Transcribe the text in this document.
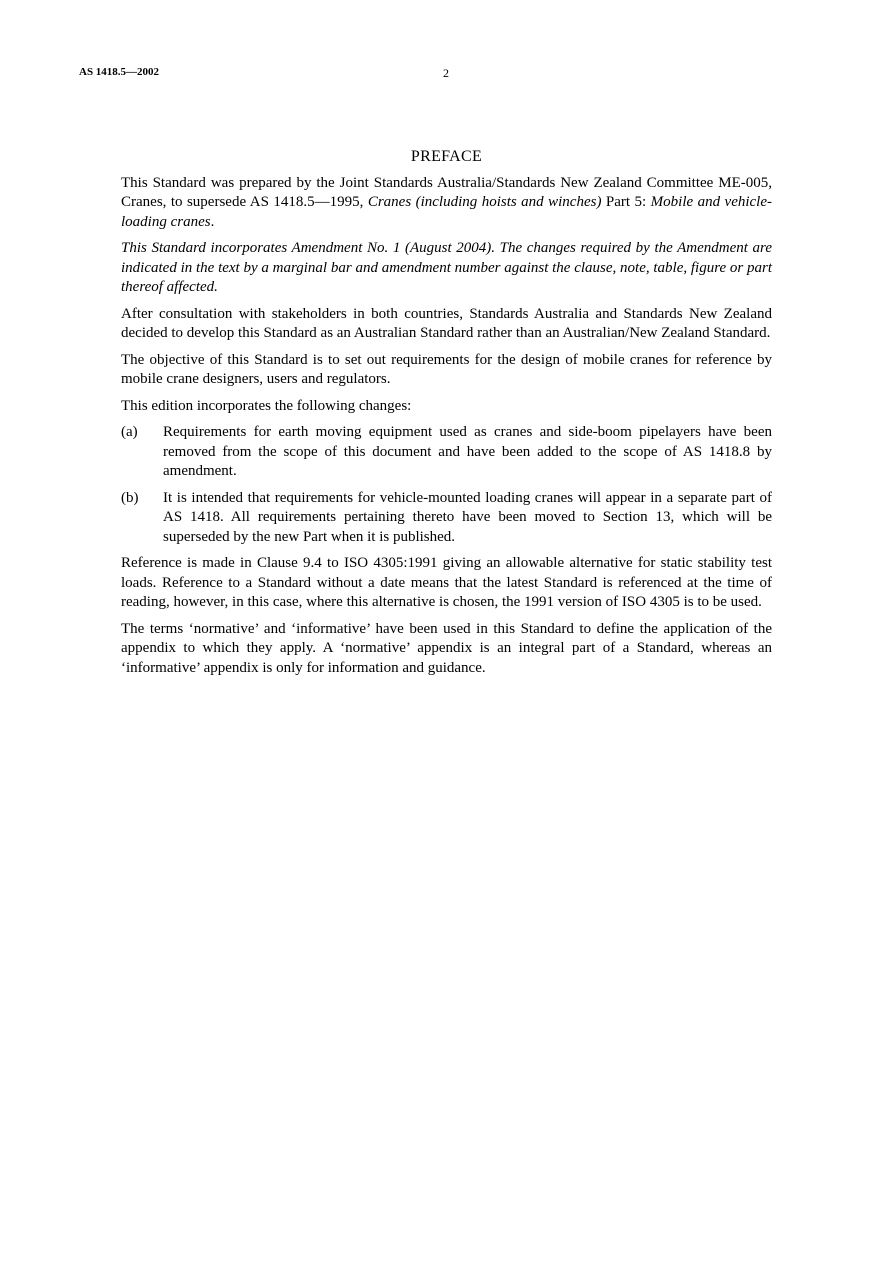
AS 1418.5—2002	2
PREFACE

This Standard was prepared by the Joint Standards Australia/Standards New Zealand Committee ME-005, Cranes, to supersede AS 1418.5—1995, Cranes (including hoists and winches) Part 5: Mobile and vehicle-loading cranes.

This Standard incorporates Amendment No. 1 (August 2004). The changes required by the Amendment are indicated in the text by a marginal bar and amendment number against the clause, note, table, figure or part thereof affected.

After consultation with stakeholders in both countries, Standards Australia and Standards New Zealand decided to develop this Standard as an Australian Standard rather than an Australian/New Zealand Standard.

The objective of this Standard is to set out requirements for the design of mobile cranes for reference by mobile crane designers, users and regulators.

This edition incorporates the following changes:

(a)	Requirements for earth moving equipment used as cranes and side-boom pipelayers have been removed from the scope of this document and have been added to the scope of AS 1418.8 by amendment.
(b)	It is intended that requirements for vehicle-mounted loading cranes will appear in a separate part of AS 1418. All requirements pertaining thereto have been moved to Section 13, which will be superseded by the new Part when it is published.

Reference is made in Clause 9.4 to ISO 4305:1991 giving an allowable alternative for static stability test loads. Reference to a Standard without a date means that the latest Standard is referenced at the time of reading, however, in this case, where this alternative is chosen, the 1991 version of ISO 4305 is to be used.

The terms ‘normative’ and ‘informative’ have been used in this Standard to define the application of the appendix to which they apply. A ‘normative’ appendix is an integral part of a Standard, whereas an ‘informative’ appendix is only for information and guidance.
